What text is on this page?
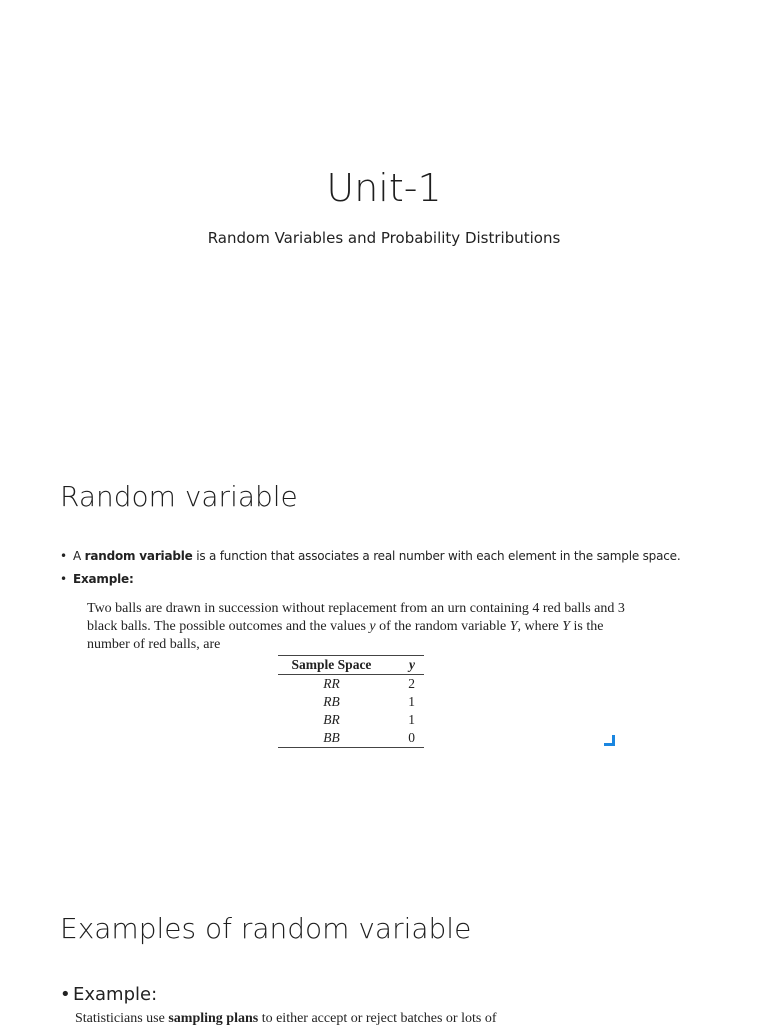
Unit-1
Random Variables and Probability Distributions
Random variable
• A random variable is a function that associates a real number with each element in the sample space.
• Example:

Two balls are drawn in succession without replacement from an urn containing 4 red balls and 3 black balls. The possible outcomes and the values y of the random variable Y, where Y is the number of red balls, are

Sample Space	y
RR	2
RB	1
BR	1
BB	0
Examples of random variable
• Example:

Statisticians use sampling plans to either accept or reject batches or lots of
